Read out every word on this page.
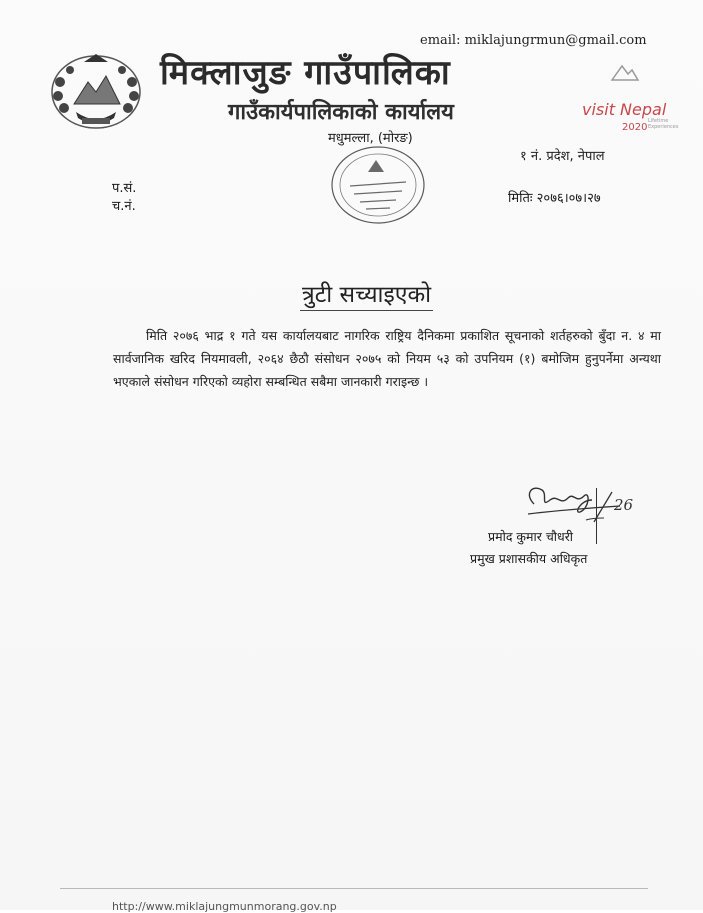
email: miklajungrmun@gmail.com
मिक्लाजुङ गाउँपालिका
गाउँकार्यपालिकाको कार्यालय
मधुमल्ला, (मोरङ)
visit Nepal
2020
Lifetime Experiences
१ नं. प्रदेश, नेपाल
प.सं.
च.नं.
मितिः २०७६।०७।२७
त्रुटी सच्याइएको

मिति २०७६ भाद्र १ गते यस कार्यालयबाट नागरिक राष्ट्रिय दैनिकमा प्रकाशित सूचनाको शर्तहरुको बुँदा न. ४ मा सार्वजानिक खरिद नियमावली, २०६४ छैठौ संसोधन २०७५ को नियम ५३ को उपनियम (१) बमोजिम हुनुपर्नेमा अन्यथा भएकाले संसोधन गरिएको व्यहोरा सम्बन्धित सबैमा जानकारी गराइन्छ ।

26
प्रमोद कुमार चौधरी
प्रमुख प्रशासकीय अधिकृत
http://www.miklajungmunmorang.gov.np
